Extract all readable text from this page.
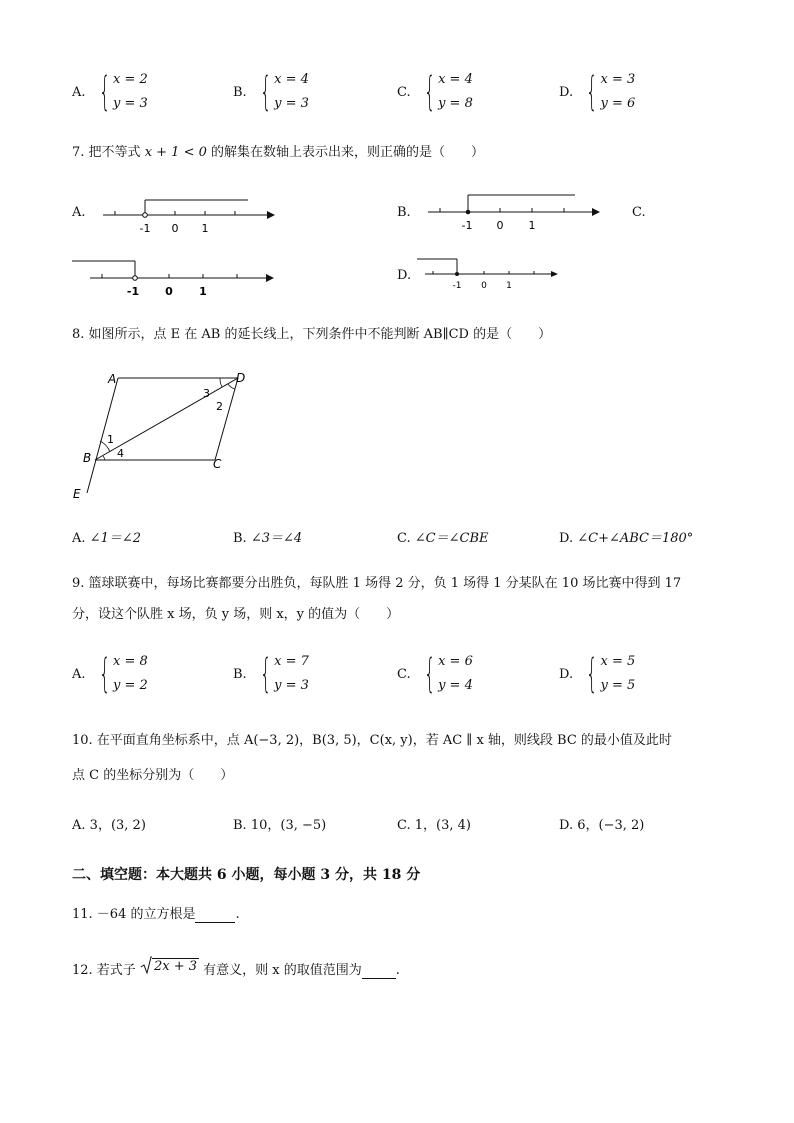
A. { x = 2
y = 3
B. { x = 4
y = 3
C. { x = 4
y = 8
D. { x = 3
y = 6
7. 把不等式 x + 1 < 0 的解集在数轴上表示出来，则正确的是（　　）
A.
-1 0 1
B.
-1 0 1
C.
-1 0 1
D.
-1 0 1
8. 如图所示，点 E 在 AB 的延长线上，下列条件中不能判断 AB∥CD 的是（　　）
A	D
B	C
E
3
2
1
4
A. ∠1＝∠2	B. ∠3＝∠4	C. ∠C＝∠CBE	D. ∠C+∠ABC＝180°
9. 篮球联赛中，每场比赛都要分出胜负，每队胜 1 场得 2 分，负 1 场得 1 分某队在 10 场比赛中得到 17
分，设这个队胜 x 场，负 y 场，则 x，y 的值为（　　）
A. { x = 8
y = 2
B. { x = 7
y = 3
C. { x = 6
y = 4
D. { x = 5
y = 5
10. 在平面直角坐标系中，点 A(−3, 2)，B(3, 5)，C(x, y)，若 AC ∥ x 轴，则线段 BC 的最小值及此时
点 C 的坐标分别为（　　）
A. 3，(3, 2)	B. 10，(3, −5)	C. 1，(3, 4)	D. 6，(−3, 2)
二、填空题：本大题共 6 小题，每小题 3 分，共 18 分
11. －64 的立方根是	.
12. 若式子 2x + 3 有意义，则 x 的取值范围为	.
